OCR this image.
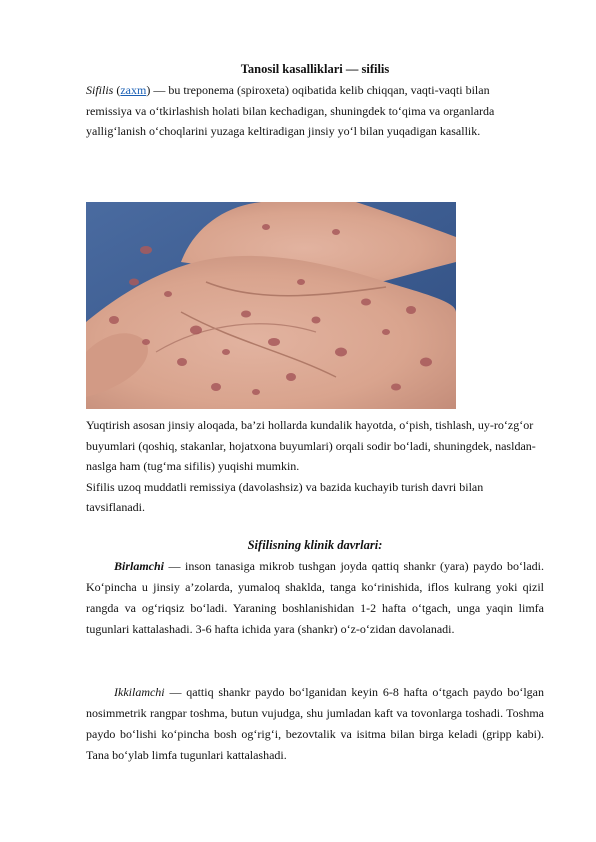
Tanosil kasalliklari — sifilis
Sifilis (zaxm) — bu treponema (spiroxeta) oqibatida kelib chiqqan, vaqti-vaqti bilan remissiya va o‘tkirlashish holati bilan kechadigan, shuningdek to‘qima va organlarda yallig‘lanish o‘choqlarini yuzaga keltiradigan jinsiy yo‘l bilan yuqadigan kasallik.
Yuqtirish asosan jinsiy aloqada, ba’zi hollarda kundalik hayotda, o‘pish, tishlash, uy-ro‘zg‘or buyumlari (qoshiq, stakanlar, hojatxona buyumlari) orqali sodir bo‘ladi, shuningdek, nasldan-naslga ham (tug‘ma sifilis) yuqishi mumkin.
Sifilis uzoq muddatli remissiya (davolashsiz) va bazida kuchayib turish davri bilan tavsiflanadi.
Sifilisning klinik davrlari:
Birlamchi — inson tanasiga mikrob tushgan joyda qattiq shankr (yara) paydo bo‘ladi. Ko‘pincha u jinsiy a’zolarda, yumaloq shaklda, tanga ko‘rinishida, iflos kulrang yoki qizil rangda va og‘riqsiz bo‘ladi. Yaraning boshlanishidan 1-2 hafta o‘tgach, unga yaqin limfa tugunlari kattalashadi. 3-6 hafta ichida yara (shankr) o‘z-o‘zidan davolanadi.
Ikkilamchi — qattiq shankr paydo bo‘lganidan keyin 6-8 hafta o‘tgach paydo bo‘lgan nosimmetrik rangpar toshma, butun vujudga, shu jumladan kaft va tovonlarga toshadi. Toshma paydo bo‘lishi ko‘pincha bosh og‘rig‘i, bezovtalik va isitma bilan birga keladi (gripp kabi). Tana bo‘ylab limfa tugunlari kattalashadi.
